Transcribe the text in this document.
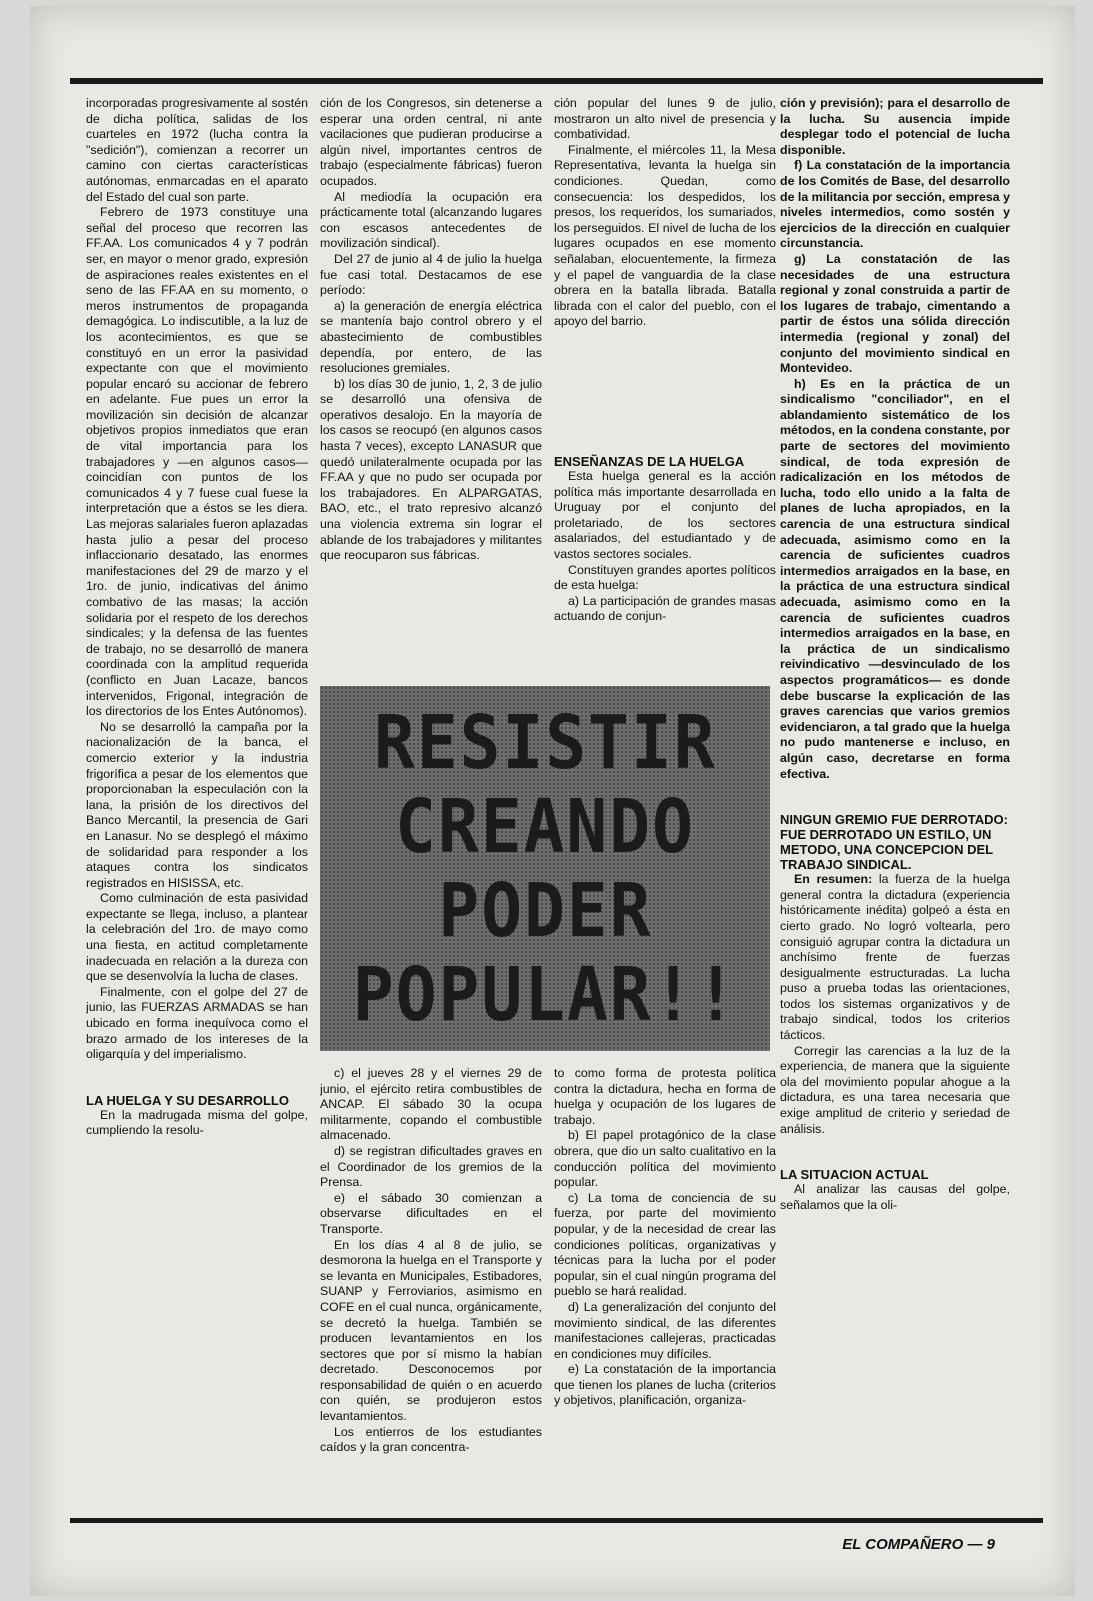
incorporadas progresivamente al sostén de dicha política, salidas de los cuarteles en 1972 (lucha contra la "sedición"), comienzan a recorrer un camino con ciertas características autónomas, enmarcadas en el aparato del Estado del cual son parte.

Febrero de 1973 constituye una señal del proceso que recorren las FF.AA. Los comunicados 4 y 7 podrán ser, en mayor o menor grado, expresión de aspiraciones reales existentes en el seno de las FF.AA en su momento, o meros instrumentos de propaganda demagógica. Lo indiscutible, a la luz de los acontecimientos, es que se constituyó en un error la pasividad expectante con que el movimiento popular encaró su accionar de febrero en adelante. Fue pues un error la movilización sin decisión de alcanzar objetivos propios inmediatos que eran de vital importancia para los trabajadores y —en algunos casos— coincidían con puntos de los comunicados 4 y 7 fuese cual fuese la interpretación que a éstos se les diera. Las mejoras salariales fueron aplazadas hasta julio a pesar del proceso inflaccionario desatado, las enormes manifestaciones del 29 de marzo y el 1ro. de junio, indicativas del ánimo combativo de las masas; la acción solidaria por el respeto de los derechos sindicales; y la defensa de las fuentes de trabajo, no se desarrolló de manera coordinada con la amplitud requerida (conflicto en Juan Lacaze, bancos intervenidos, Frigonal, integración de los directorios de los Entes Autónomos).

No se desarrolló la campaña por la nacionalización de la banca, el comercio exterior y la industria frigorífica a pesar de los elementos que proporcionaban la especulación con la lana, la prisión de los directivos del Banco Mercantil, la presencia de Gari en Lanasur. No se desplegó el máximo de solidaridad para responder a los ataques contra los sindicatos registrados en HISISSA, etc.

Como culminación de esta pasividad expectante se llega, incluso, a plantear la celebración del 1ro. de mayo como una fiesta, en actitud completamente inadecuada en relación a la dureza con que se desenvolvía la lucha de clases.

Finalmente, con el golpe del 27 de junio, las FUERZAS ARMADAS se han ubicado en forma inequívoca como el brazo armado de los intereses de la oligarquía y del imperialismo.

LA HUELGA Y SU DESARROLLO

En la madrugada misma del golpe, cumpliendo la resolu-

ción de los Congresos, sin detenerse a esperar una orden central, ni ante vacilaciones que pudieran producirse a algún nivel, importantes centros de trabajo (especialmente fábricas) fueron ocupados.

Al mediodía la ocupación era prácticamente total (alcanzando lugares con escasos antecedentes de movilización sindical).

Del 27 de junio al 4 de julio la huelga fue casi total. Destacamos de ese período:

a) la generación de energía eléctrica se mantenía bajo control obrero y el abastecimiento de combustibles dependía, por entero, de las resoluciones gremiales.

b) los días 30 de junio, 1, 2, 3 de julio se desarrolló una ofensiva de operativos desalojo. En la mayoría de los casos se reocupó (en algunos casos hasta 7 veces), excepto LANASUR que quedó unilateralmente ocupada por las FF.AA y que no pudo ser ocupada por los trabajadores. En ALPARGATAS, BAO, etc., el trato represivo alcanzó una violencia extrema sin lograr el ablande de los trabajadores y militantes que reocuparon sus fábricas.

ción popular del lunes 9 de julio, mostraron un alto nivel de presencia y combatividad.

Finalmente, el miércoles 11, la Mesa Representativa, levanta la huelga sin condiciones. Quedan, como consecuencia: los despedidos, los presos, los requeridos, los sumariados, los perseguidos. El nivel de lucha de los lugares ocupados en ese momento señalaban, elocuentemente, la firmeza y el papel de vanguardia de la clase obrera en la batalla librada. Batalla librada con el calor del pueblo, con el apoyo del barrio.

ENSEÑANZAS DE LA HUELGA

Esta huelga general es la acción política más importante desarrollada en Uruguay por el conjunto del proletariado, de los sectores asalariados, del estudiantado y de vastos sectores sociales.

Constituyen grandes aportes políticos de esta huelga:

a) La participación de grandes masas actuando de conjun-

RESISTIR
CREANDO
PODER
POPULAR!!

c) el jueves 28 y el viernes 29 de junio, el ejército retira combustibles de ANCAP. El sábado 30 la ocupa militarmente, copando el combustible almacenado.

d) se registran dificultades graves en el Coordinador de los gremios de la Prensa.

e) el sábado 30 comienzan a observarse dificultades en el Transporte.

En los días 4 al 8 de julio, se desmorona la huelga en el Transporte y se levanta en Municipales, Estibadores, SUANP y Ferroviarios, asimismo en COFE en el cual nunca, orgánicamente, se decretó la huelga. También se producen levantamientos en los sectores que por sí mismo la habían decretado. Desconocemos por responsabilidad de quién o en acuerdo con quién, se produjeron estos levantamientos.

Los entierros de los estudiantes caídos y la gran concentra-

to como forma de protesta política contra la dictadura, hecha en forma de huelga y ocupación de los lugares de trabajo.

b) El papel protagónico de la clase obrera, que dio un salto cualitativo en la conducción política del movimiento popular.

c) La toma de conciencia de su fuerza, por parte del movimiento popular, y de la necesidad de crear las condiciones políticas, organizativas y técnicas para la lucha por el poder popular, sin el cual ningún programa del pueblo se hará realidad.

d) La generalización del conjunto del movimiento sindical, de las diferentes manifestaciones callejeras, practicadas en condiciones muy difíciles.

e) La constatación de la importancia que tienen los planes de lucha (criterios y objetivos, planificación, organiza-

ción y previsión); para el desarrollo de la lucha. Su ausencia impide desplegar todo el potencial de lucha disponible.

f) La constatación de la importancia de los Comités de Base, del desarrollo de la militancia por sección, empresa y niveles intermedios, como sostén y ejercicios de la dirección en cualquier circunstancia.

g) La constatación de las necesidades de una estructura regional y zonal construida a partir de los lugares de trabajo, cimentando a partir de éstos una sólida dirección intermedia (regional y zonal) del conjunto del movimiento sindical en Montevideo.

h) Es en la práctica de un sindicalismo "conciliador", en el ablandamiento sistemático de los métodos, en la condena constante, por parte de sectores del movimiento sindical, de toda expresión de radicalización en los métodos de lucha, todo ello unido a la falta de planes de lucha apropiados, en la carencia de una estructura sindical adecuada, asimismo como en la carencia de suficientes cuadros intermedios arraigados en la base, en la práctica de una estructura sindical adecuada, asimismo como en la carencia de suficientes cuadros intermedios arraigados en la base, en la práctica de un sindicalismo reivindicativo —desvinculado de los aspectos programáticos— es donde debe buscarse la explicación de las graves carencias que varios gremios evidenciaron, a tal grado que la huelga no pudo mantenerse e incluso, en algún caso, decretarse en forma efectiva.

NINGUN GREMIO FUE DERROTADO: FUE DERROTADO UN ESTILO, UN METODO, UNA CONCEPCION DEL TRABAJO SINDICAL.

En resumen: la fuerza de la huelga general contra la dictadura (experiencia históricamente inédita) golpeó a ésta en cierto grado. No logró voltearla, pero consiguió agrupar contra la dictadura un anchísimo frente de fuerzas desigualmente estructuradas. La lucha puso a prueba todas las orientaciones, todos los sistemas organizativos y de trabajo sindical, todos los criterios tácticos.

Corregir las carencias a la luz de la experiencia, de manera que la siguiente ola del movimiento popular ahogue a la dictadura, es una tarea necesaria que exige amplitud de criterio y seriedad de análisis.

LA SITUACION ACTUAL

Al analizar las causas del golpe, señalamos que la oli-

EL COMPAÑERO — 9
